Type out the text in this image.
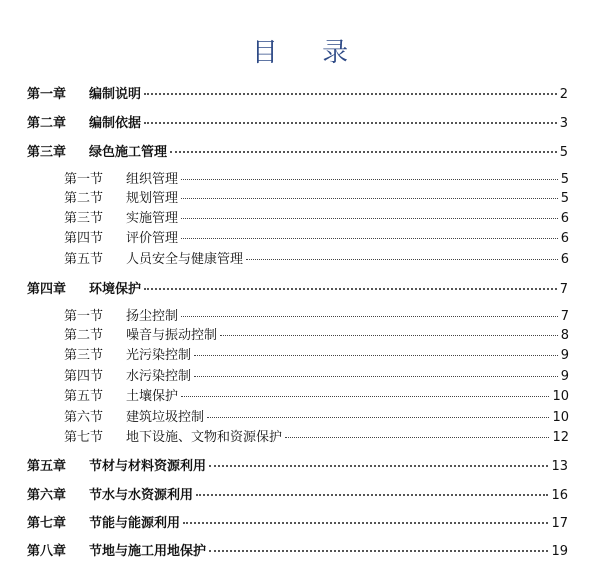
目 录
第一章	编制说明	2
第二章	编制依据	3
第三章	绿色施工管理	5
第一节	组织管理	5
第二节	规划管理	5
第三节	实施管理	6
第四节	评价管理	6
第五节	人员安全与健康管理	6
第四章	环境保护	7
第一节	扬尘控制	7
第二节	噪音与振动控制	8
第三节	光污染控制	9
第四节	水污染控制	9
第五节	土壤保护	10
第六节	建筑垃圾控制	10
第七节	地下设施、文物和资源保护	12
第五章	节材与材料资源利用	13
第六章	节水与水资源利用	16
第七章	节能与能源利用	17
第八章	节地与施工用地保护	19
